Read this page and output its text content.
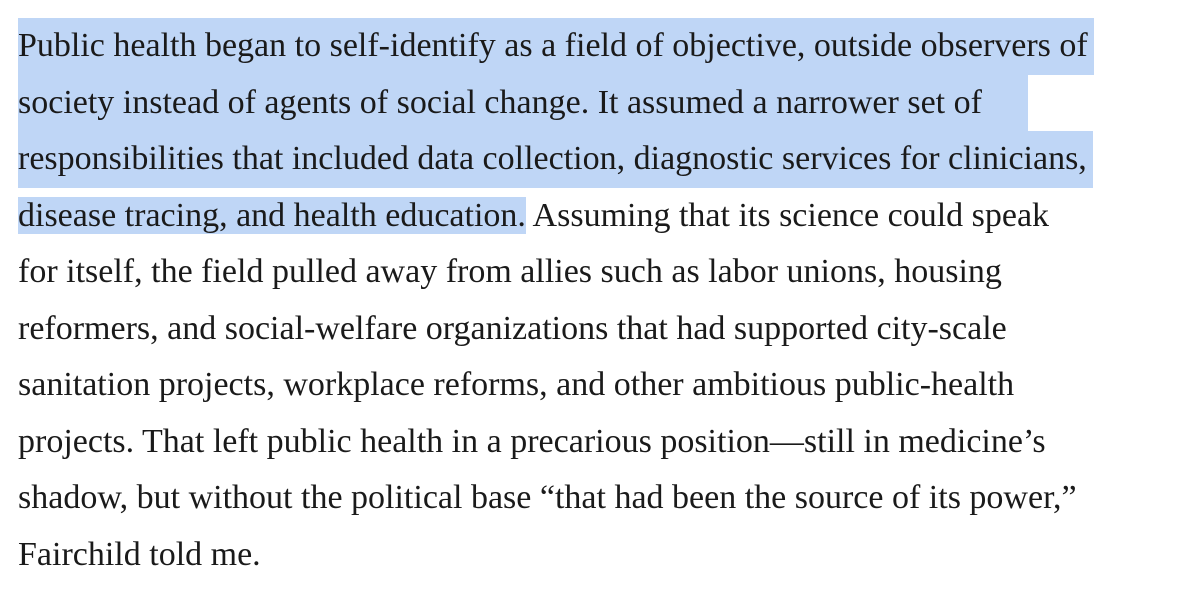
Public health began to self-identify as a field of objective, outside observers of
society instead of agents of social change. It assumed a narrower set of
responsibilities that included data collection, diagnostic services for clinicians,
disease tracing, and health education. Assuming that its science could speak
for itself, the field pulled away from allies such as labor unions, housing
reformers, and social-welfare organizations that had supported city-scale
sanitation projects, workplace reforms, and other ambitious public-health
projects. That left public health in a precarious position—still in medicine’s
shadow, but without the political base “that had been the source of its power,”
Fairchild told me.
